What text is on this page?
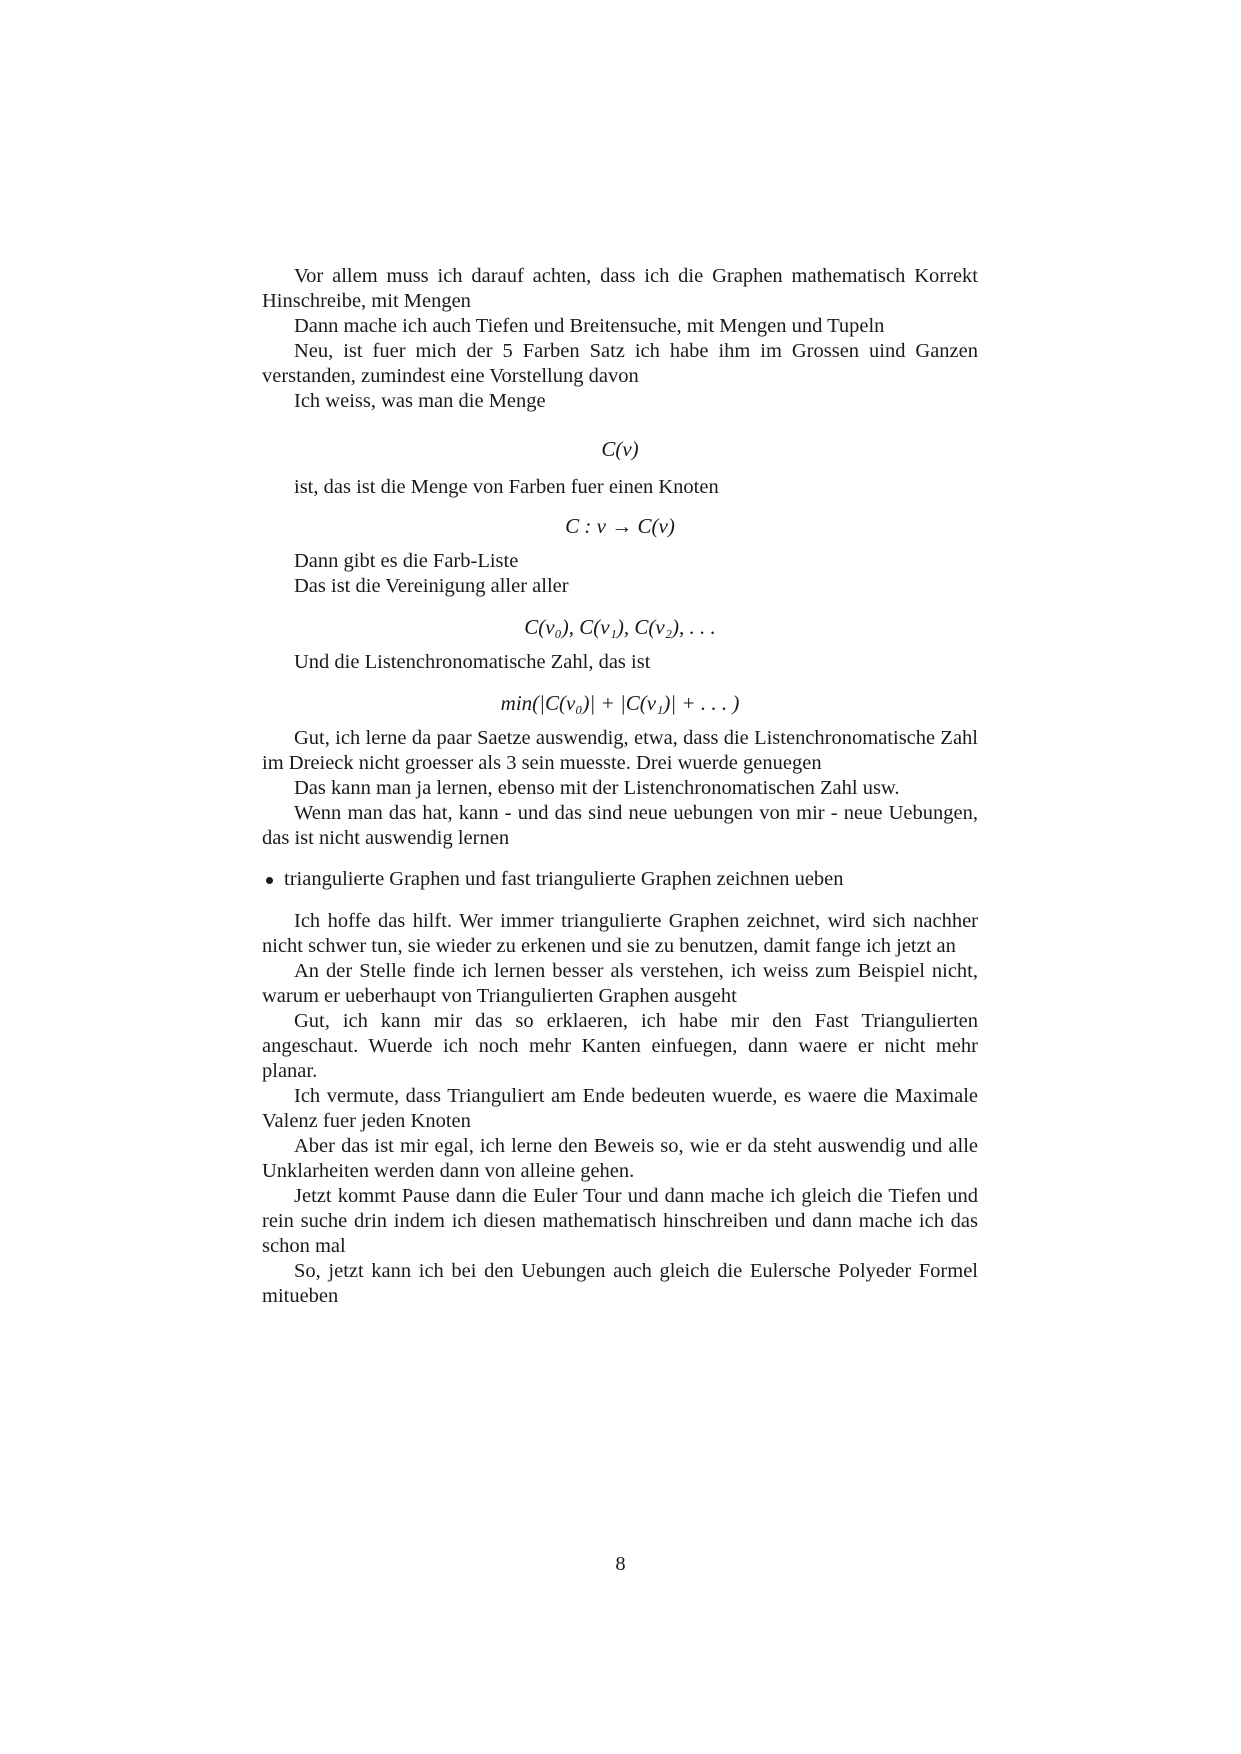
Vor allem muss ich darauf achten, dass ich die Graphen mathematisch Korrekt Hinschreibe, mit Mengen

Dann mache ich auch Tiefen und Breitensuche, mit Mengen und Tupeln

Neu, ist fuer mich der 5 Farben Satz ich habe ihm im Grossen uind Ganzen verstanden, zumindest eine Vorstellung davon

Ich weiss, was man die Menge

C(v)

ist, das ist die Menge von Farben fuer einen Knoten

C : v → C(v)

Dann gibt es die Farb-Liste

Das ist die Vereinigung aller aller

C(v₀), C(v₁), C(v₂), . . .

Und die Listenchronomatische Zahl, das ist

min(|C(v₀)| + |C(v₁)| + . . . )

Gut, ich lerne da paar Saetze auswendig, etwa, dass die Listenchronomatische Zahl im Dreieck nicht groesser als 3 sein muesste. Drei wuerde genuegen

Das kann man ja lernen, ebenso mit der Listenchronomatischen Zahl usw.

Wenn man das hat, kann - und das sind neue uebungen von mir - neue Uebungen, das ist nicht auswendig lernen

triangulierte Graphen und fast triangulierte Graphen zeichnen ueben

Ich hoffe das hilft. Wer immer triangulierte Graphen zeichnet, wird sich nachher nicht schwer tun, sie wieder zu erkenen und sie zu benutzen, damit fange ich jetzt an

An der Stelle finde ich lernen besser als verstehen, ich weiss zum Beispiel nicht, warum er ueberhaupt von Triangulierten Graphen ausgeht

Gut, ich kann mir das so erklaeren, ich habe mir den Fast Triangulierten angeschaut. Wuerde ich noch mehr Kanten einfuegen, dann waere er nicht mehr planar.

Ich vermute, dass Trianguliert am Ende bedeuten wuerde, es waere die Maximale Valenz fuer jeden Knoten

Aber das ist mir egal, ich lerne den Beweis so, wie er da steht auswendig und alle Unklarheiten werden dann von alleine gehen.

Jetzt kommt Pause dann die Euler Tour und dann mache ich gleich die Tiefen und rein suche drin indem ich diesen mathematisch hinschreiben und dann mache ich das schon mal

So, jetzt kann ich bei den Uebungen auch gleich die Eulersche Polyeder Formel mitueben

8
